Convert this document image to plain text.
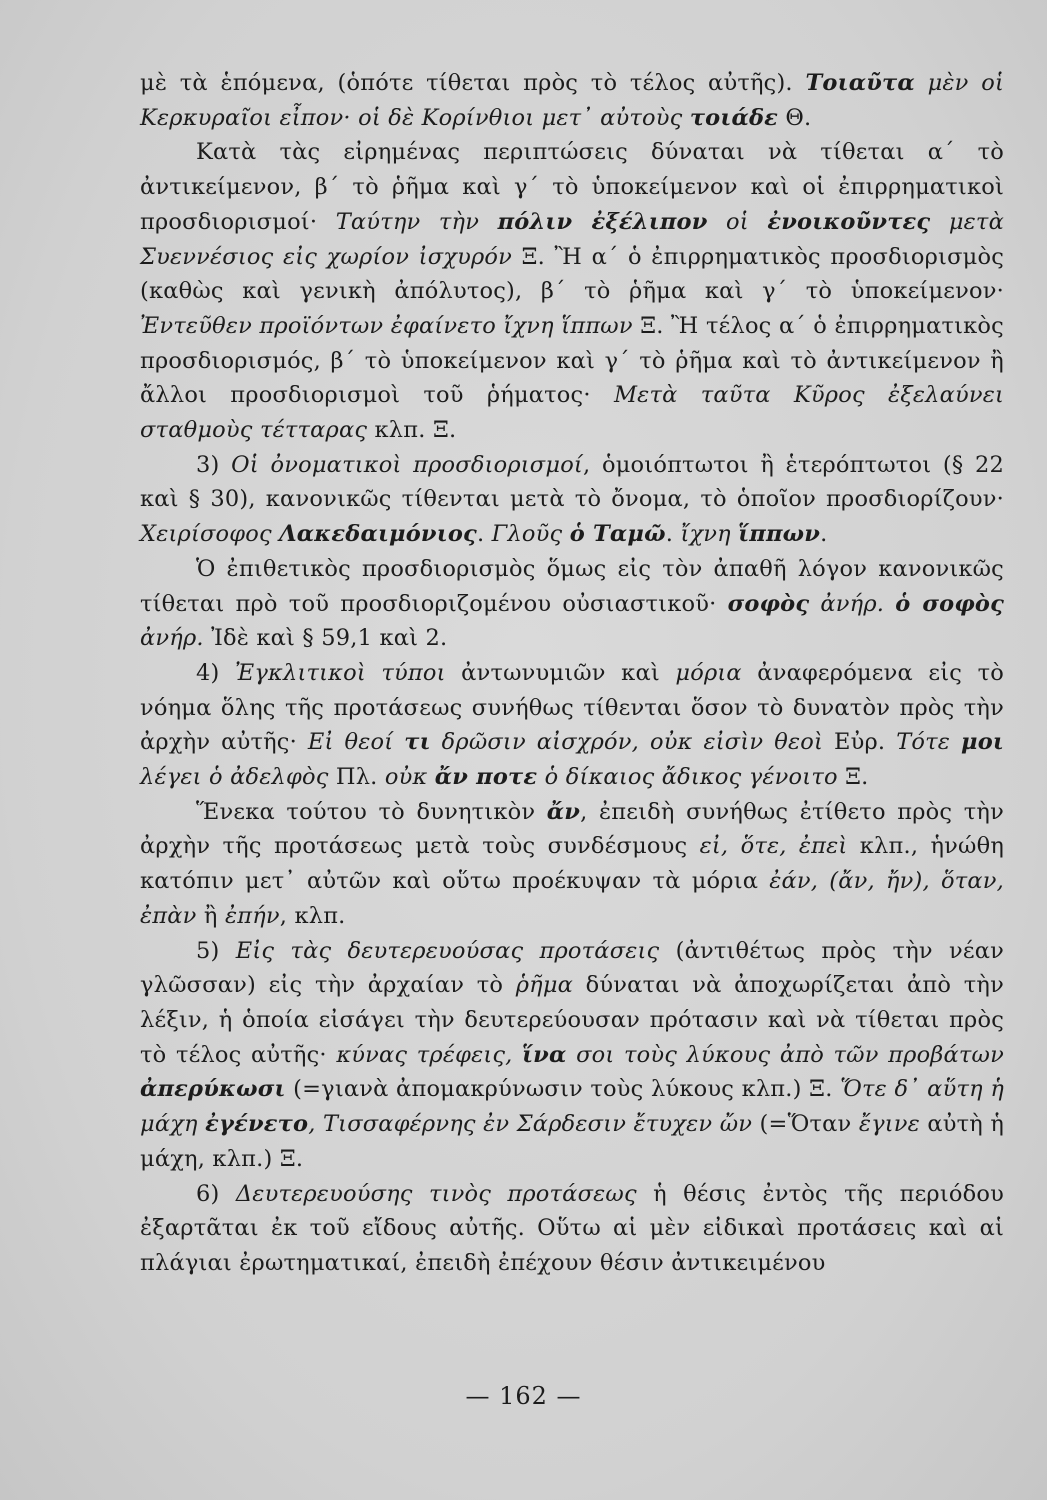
μὲ τὰ ἑπόμενα, (ὁπότε τίθεται πρὸς τὸ τέλος αὐτῆς). Τοιαῦτα μὲν οἱ Κερκυραῖοι εἶπον· οἱ δὲ Κορίνθιοι μετ᾽ αὐτοὺς τοιάδε Θ.

Κατὰ τὰς εἰρημένας περιπτώσεις δύναται νὰ τίθεται α΄ τὸ ἀντικείμενον, β΄ τὸ ῥῆμα καὶ γ΄ τὸ ὑποκείμενον καὶ οἱ ἐπιρρηματικοὶ προσδιορισμοί· Ταύτην τὴν πόλιν ἐξέλιπον οἱ ἐνοικοῦντες μετὰ Συεννέσιος εἰς χωρίον ἰσχυρόν Ξ. Ἢ α΄ ὁ ἐπιρρηματικὸς προσδιορισμὸς (καθὼς καὶ γενικὴ ἀπόλυτος), β΄ τὸ ῥῆμα καὶ γ΄ τὸ ὑποκείμενον· Ἐντεῦθεν προϊόντων ἐφαίνετο ἴχνη ἵππων Ξ. Ἢ τέλος α΄ ὁ ἐπιρρηματικὸς προσδιορισμός, β΄ τὸ ὑποκείμενον καὶ γ΄ τὸ ῥῆμα καὶ τὸ ἀντικείμενον ἢ ἄλλοι προσδιορισμοὶ τοῦ ῥήματος· Μετὰ ταῦτα Κῦρος ἐξελαύνει σταθμοὺς τέτταρας κλπ. Ξ.

3) Οἱ ὀνοματικοὶ προσδιορισμοί, ὁμοιόπτωτοι ἢ ἑτερόπτωτοι (§ 22 καὶ § 30), κανονικῶς τίθενται μετὰ τὸ ὄνομα, τὸ ὁποῖον προσδιορίζουν· Χειρίσοφος Λακεδαιμόνιος. Γλοῦς ὁ Ταμῶ. ἴχνη ἵππων.

Ὁ ἐπιθετικὸς προσδιορισμὸς ὅμως εἰς τὸν ἀπαθῆ λόγον κανονικῶς τίθεται πρὸ τοῦ προσδιοριζομένου οὐσιαστικοῦ· σοφὸς ἀνήρ. ὁ σοφὸς ἀνήρ. Ἰδὲ καὶ § 59,1 καὶ 2.

4) Ἐγκλιτικοὶ τύποι ἀντωνυμιῶν καὶ μόρια ἀναφερόμενα εἰς τὸ νόημα ὅλης τῆς προτάσεως συνήθως τίθενται ὅσον τὸ δυνατὸν πρὸς τὴν ἀρχὴν αὐτῆς· Εἰ θεοί τι δρῶσιν αἰσχρόν, οὐκ εἰσὶν θεοὶ Εὐρ. Τότε μοι λέγει ὁ ἀδελφὸς Πλ. οὐκ ἄν ποτε ὁ δίκαιος ἄδικος γένοιτο Ξ.

Ἕνεκα τούτου τὸ δυνητικὸν ἄν, ἐπειδὴ συνήθως ἐτίθετο πρὸς τὴν ἀρχὴν τῆς προτάσεως μετὰ τοὺς συνδέσμους εἰ, ὅτε, ἐπεὶ κλπ., ἡνώθη κατόπιν μετ᾽ αὐτῶν καὶ οὕτω προέκυψαν τὰ μόρια ἐάν, (ἄν, ἤν), ὅταν, ἐπὰν ἢ ἐπήν, κλπ.

5) Εἰς τὰς δευτερευούσας προτάσεις (ἀντιθέτως πρὸς τὴν νέαν γλῶσσαν) εἰς τὴν ἀρχαίαν τὸ ῥῆμα δύναται νὰ ἀποχωρίζεται ἀπὸ τὴν λέξιν, ἡ ὁποία εἰσάγει τὴν δευτερεύουσαν πρότασιν καὶ νὰ τίθεται πρὸς τὸ τέλος αὐτῆς· κύνας τρέφεις, ἵνα σοι τοὺς λύκους ἀπὸ τῶν προβάτων ἀπερύκωσι (=γιανὰ ἀπομακρύνωσιν τοὺς λύκους κλπ.) Ξ. Ὅτε δ᾽ αὕτη ἡ μάχη ἐγένετο, Τισσαφέρνης ἐν Σάρδεσιν ἔτυχεν ὤν (=Ὅταν ἔγινε αὐτὴ ἡ μάχη, κλπ.) Ξ.

6) Δευτερευούσης τινὸς προτάσεως ἡ θέσις ἐντὸς τῆς περιόδου ἐξαρτᾶται ἐκ τοῦ εἴδους αὐτῆς. Οὕτω αἱ μὲν εἰδικαὶ προτάσεις καὶ αἱ πλάγιαι ἐρωτηματικαί, ἐπειδὴ ἐπέχουν θέσιν ἀντικειμένου

— 162 —
